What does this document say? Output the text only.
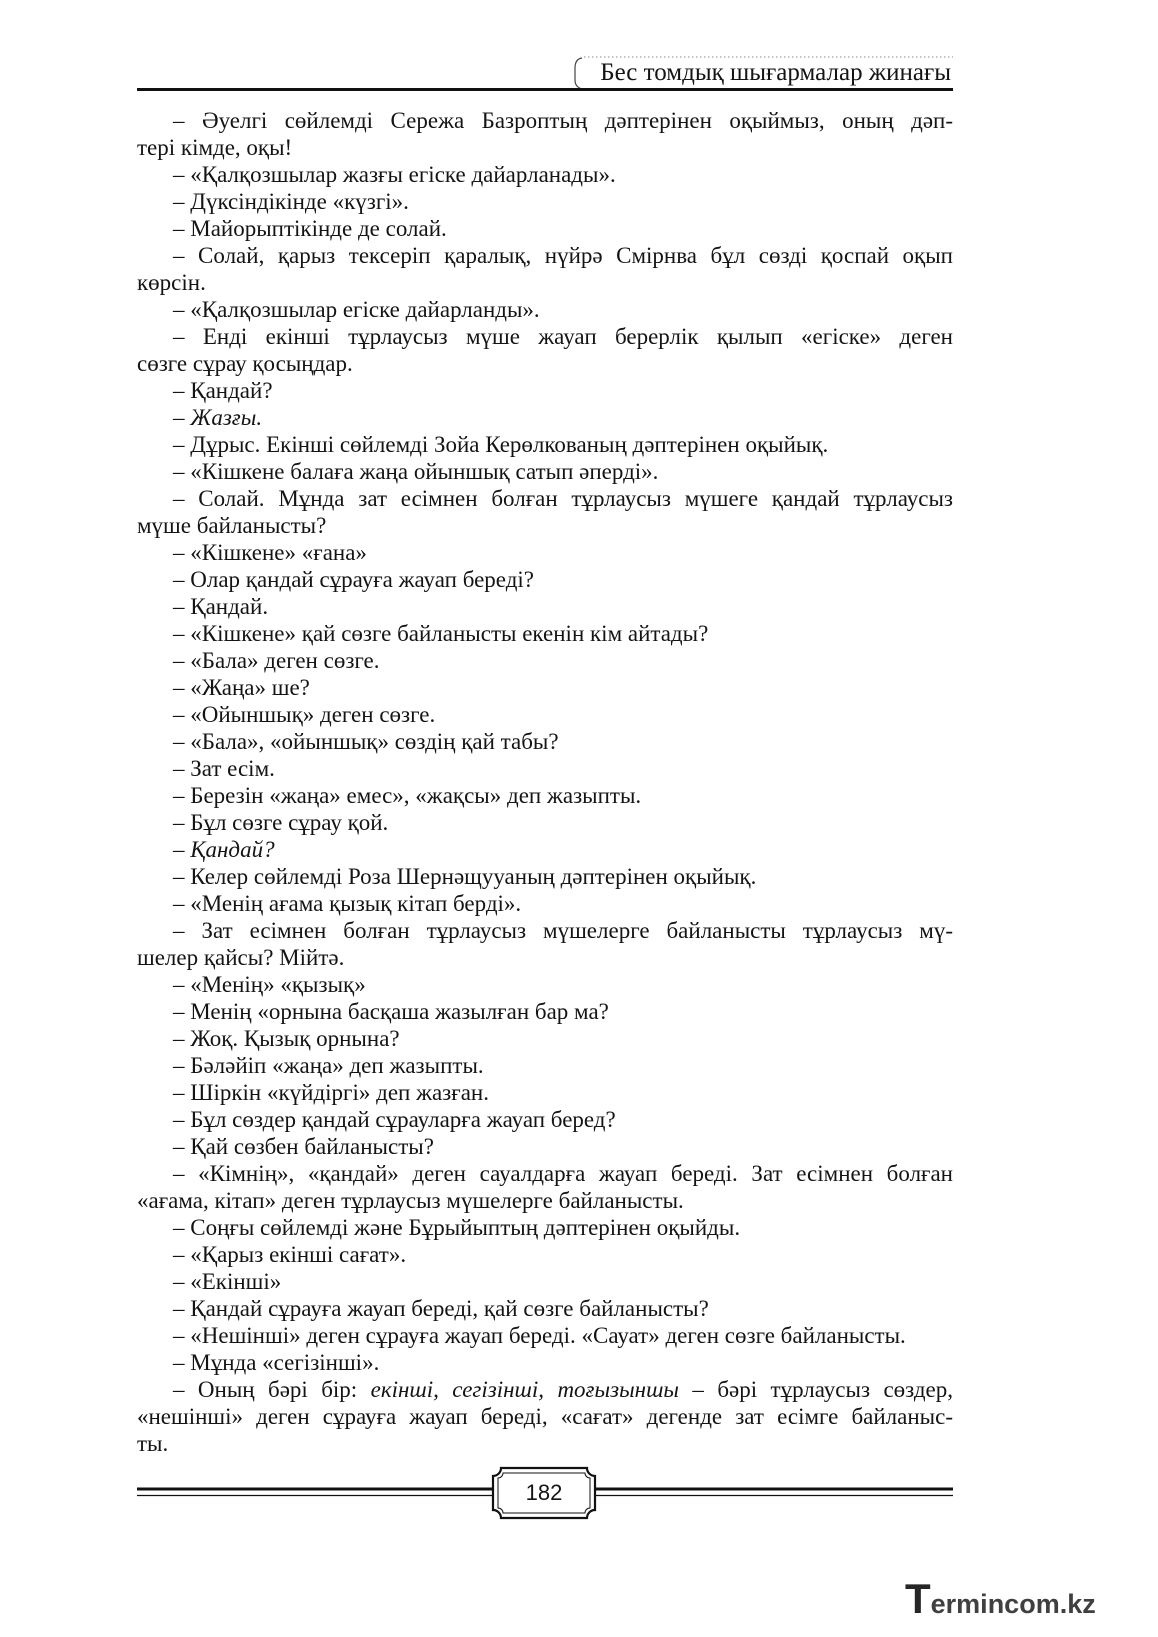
Бес томдық шығармалар жинағы
– Әуелгі сөйлемді Сережа Базроптың дәптерінен оқыймыз, оның дәп-
тері кімде, оқы!
– «Қалқозшылар жазғы егіске дайарланады».
– Дүксіндікінде «күзгі».
– Майорыптікінде де солай.
– Солай, қарыз тексеріп қаралық, нүйрә Смірнва бұл сөзді қоспай оқып
көрсін.
– «Қалқозшылар егіске дайарланды».
– Енді екінші тұрлаусыз мүше жауап берерлік қылып «егіске» деген
сөзге сұрау қосыңдар.
– Қандай?
– Жазғы.
– Дұрыс. Екінші сөйлемді Зойа Керөлкованың дәптерінен оқыйық.
– «Кішкене балаға жаңа ойыншық сатып әперді».
– Солай. Мұнда зат есімнен болған тұрлаусыз мүшеге қандай тұрлаусыз
мүше байланысты?
– «Кішкене» «ғана»
– Олар қандай сұрауға жауап береді?
– Қандай.
– «Кішкене» қай сөзге байланысты екенін кім айтады?
– «Бала» деген сөзге.
– «Жаңа» ше?
– «Ойыншық» деген сөзге.
– «Бала», «ойыншық» сөздің қай табы?
– Зат есім.
– Березін «жаңа» емес», «жақсы» деп жазыпты.
– Бұл сөзге сұрау қой.
– Қандай?
– Келер сөйлемді Роза Шернәщууаның дәптерінен оқыйық.
– «Менің ағама қызық кітап берді».
– Зат есімнен болған тұрлаусыз мүшелерге байланысты тұрлаусыз мү-
шелер қайсы? Мійтә.
– «Менің» «қызық»
– Менің «орнына басқаша жазылған бар ма?
– Жоқ. Қызық орнына?
– Бәләйіп «жаңа» деп жазыпты.
– Шіркін «күйдіргі» деп жазған.
– Бұл сөздер қандай сұрауларға жауап беред?
– Қай сөзбен байланысты?
– «Кімнің», «қандай» деген сауалдарға жауап береді. Зат есімнен болған
«ағама, кітап» деген тұрлаусыз мүшелерге байланысты.
– Соңғы сөйлемді және Бұрыйыптың дәптерінен оқыйды.
– «Қарыз екінші сағат».
– «Екінші»
– Қандай сұрауға жауап береді, қай сөзге байланысты?
– «Нешінші» деген сұрауға жауап береді. «Сауат» деген сөзге байланысты.
– Мұнда «сегізінші».
– Оның бәрі бір: екінші, сегізінші, тоғызыншы – бәрі тұрлаусыз сөздер,
«нешінші» деген сұрауға жауап береді, «сағат» дегенде зат есімге байланыс-
ты.
182
Termincom.kz
